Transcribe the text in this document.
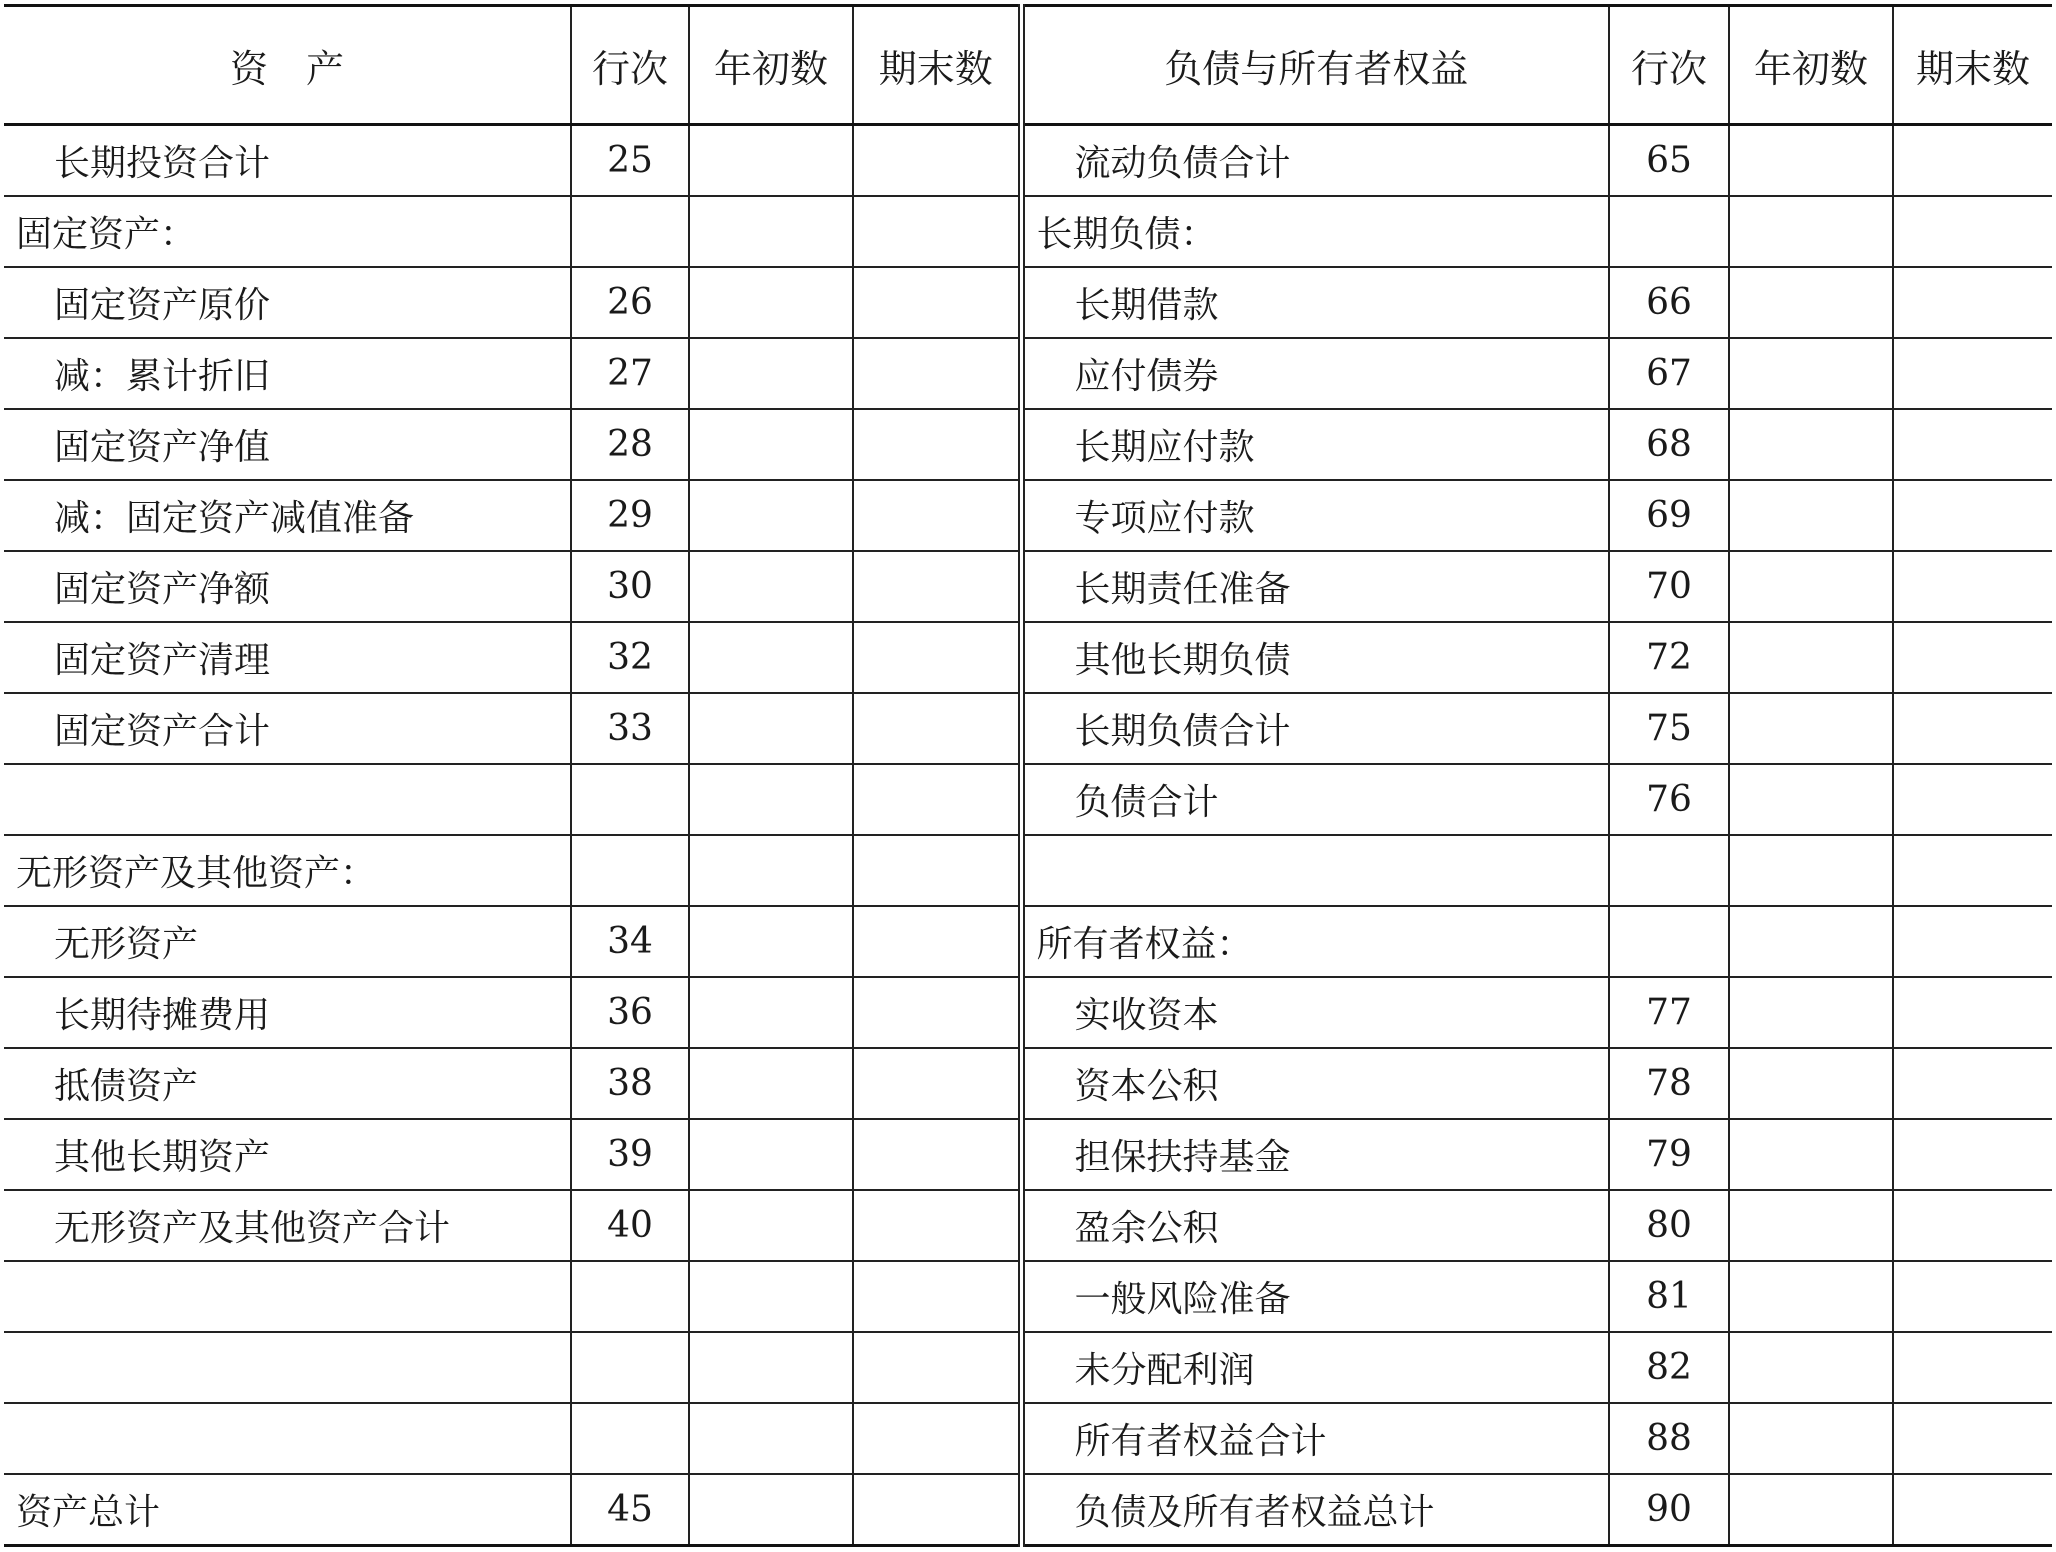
资　产	行次	年初数	期末数	负债与所有者权益	行次	年初数	期末数
长期投资合计	25			流动负债合计	65		
固定资产：				长期负债：			
固定资产原价	26			长期借款	66		
减：累计折旧	27			应付债券	67		
固定资产净值	28			长期应付款	68		
减：固定资产减值准备	29			专项应付款	69		
固定资产净额	30			长期责任准备	70		
固定资产清理	32			其他长期负债	72		
固定资产合计	33			长期负债合计	75		
				负债合计	76		
无形资产及其他资产：							
无形资产	34			所有者权益：			
长期待摊费用	36			实收资本	77		
抵债资产	38			资本公积	78		
其他长期资产	39			担保扶持基金	79		
无形资产及其他资产合计	40			盈余公积	80		
				一般风险准备	81		
				未分配利润	82		
				所有者权益合计	88		
资产总计	45			负债及所有者权益总计	90		
